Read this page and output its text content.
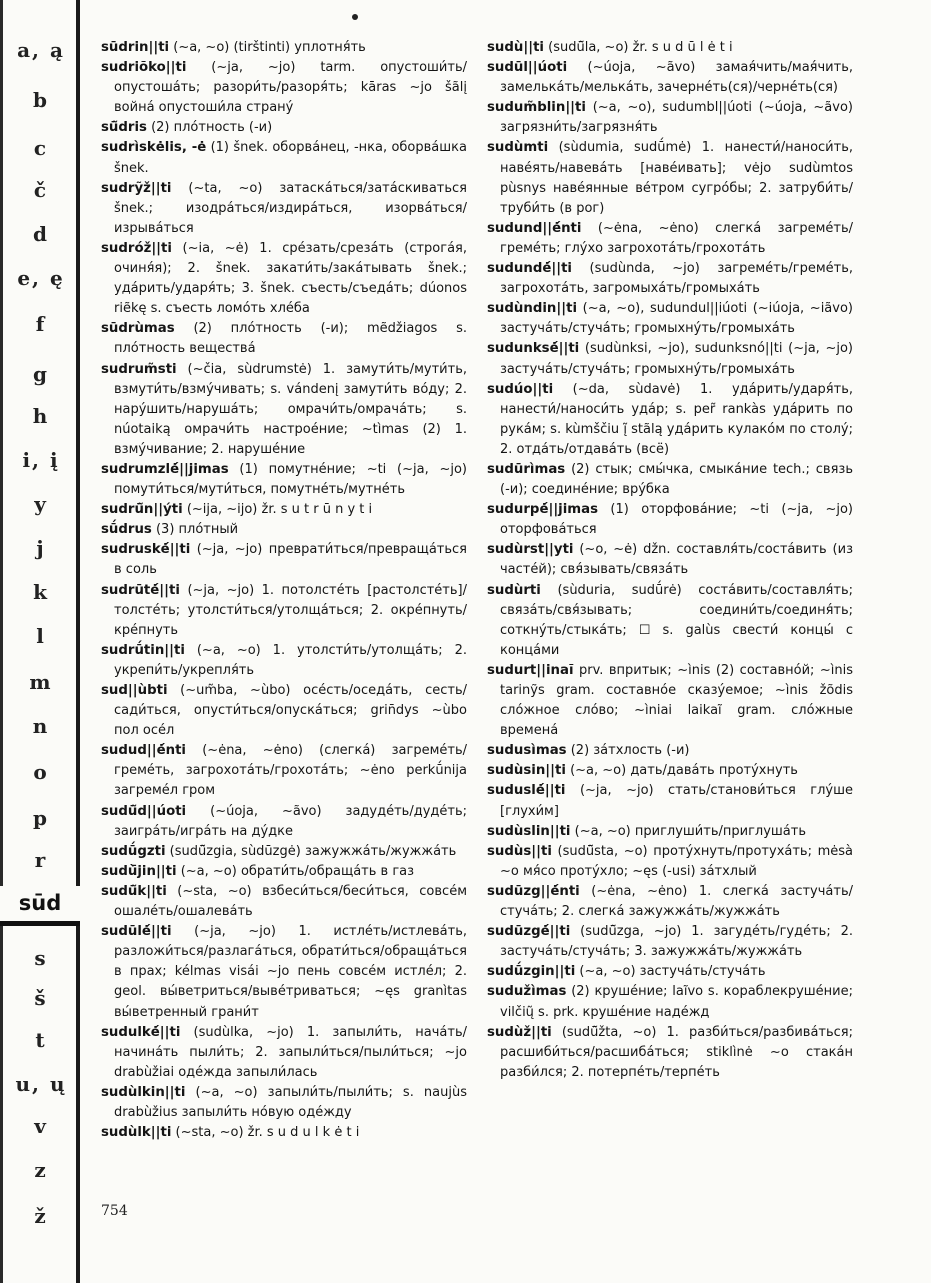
a, ą
b
c
č
d
e, ę
f
g
h
i, į
y
j
k
l
m
n
o
p
r
s
š
t
u, ų
v
z
ž
sūd

sūdrin||ti (~a, ~o) (tirštinti) уплотня́ть

sudriõko||ti (~ja, ~jo) tarm. опустоши́ть/опустоша́ть; разори́ть/разоря́ть; kāras ~jo šãlį войнá опустоши́ла страну́

sū̃dris (2) плóтность (-и)

sudrìskėlis, -ė (1) šnek. оборва́нец, -нка, оборва́шка šnek.

sudrỹž||ti (~ta, ~o) затаска́ться/зата́скиваться šnek.; изодра́ться/издира́ться, изорва́ться/изрыва́ться

sudróž||ti (~ia, ~ė) 1. сре́зать/среза́ть (строга́я, очиня́я); 2. šnek. закати́ть/зака́тывать šnek.; уда́рить/ударя́ть; 3. šnek. съесть/съеда́ть; dúonos riẽkę s. съесть ломо́ть хле́ба

sūdrùmas (2) плóтность (-и); mẽdžiagos s. плóтность вещества́

sudrum̃sti (~čia, sùdrumstė) 1. замути́ть/мути́ть, взмути́ть/взму́чивать; s. vándenį замути́ть во́ду; 2. нару́шить/наруша́ть; омрачи́ть/омрача́ть; s. núotaiką омрачи́ть настрое́ние; ~tìmas (2) 1. взму́чивание; 2. наруше́ние

sudrumzlė́||jimas (1) помутне́ние; ~ti (~ja, ~jo) помути́ться/мути́ться, помутне́ть/мутне́ть

sudrū̃n||ýti (~ija, ~ijo) žr. s u t r ū n y t i

sū́drus (3) плóтный

sudruskė́||ti (~ja, ~jo) преврати́ться/превраща́ться в соль

sudrūtė́||ti (~ja, ~jo) 1. потолсте́ть [растолсте́ть]/толсте́ть; утолсти́ться/утолща́ться; 2. окре́пнуть/кре́пнуть

sudrū́tin||ti (~a, ~o) 1. утолсти́ть/утолща́ть; 2. укрепи́ть/укрепля́ть

sud||ùbti (~um̃ba, ~ùbo) осе́сть/оседа́ть, сесть/сади́ться, опусти́ться/опуска́ться; grin̄dys ~ùbo пол осе́л

sudud||ė́nti (~ėna, ~ėno) (слегка́) загреме́ть/греме́ть, загрохота́ть/грохота́ть; ~ėno perkū́nija загреме́л гром

sudū̃d||úoti (~úoja, ~ãvo) задуде́ть/дуде́ть; заигра́ть/игра́ть на ду́дке

sudū́gzti (sudū̃zgia, sùdūzgė) зажужжа́ть/жужжа́ть

sudù̄jin||ti (~a, ~o) обрати́ть/обраща́ть в газ

sudū̃k||ti (~sta, ~o) взбеси́ться/беси́ться, совсе́м ошале́ть/ошалева́ть

sudūlė́||ti (~ja, ~jo) 1. истле́ть/истлева́ть, разложи́ться/разлага́ться, обрати́ться/обраща́ться в прах; kélmas visái ~jo пень совсе́м истле́л; 2. geol. вы́ветриться/вывéтриваться; ~ęs granìtas вы́ветренный грани́т

sudulkė́||ti (sudùlka, ~jo) 1. запыли́ть, нача́ть/начина́ть пыли́ть; 2. запыли́ться/пыли́ться; ~jo drabùžiai оде́жда запыли́лась

sudùlkin||ti (~a, ~o) запыли́ть/пыли́ть; s. naujùs drabùžius запыли́ть но́вую оде́жду

sudùlk||ti (~sta, ~o) žr. s u d u l k ė t i

sudù||ti (sudū̃la, ~o) žr. s u d ū l ė t i

sudūl||úoti (~úoja, ~ãvo) замая́чить/мая́чить, замелька́ть/мелька́ть, зачерне́ть(ся)/черне́ть(ся)

sudum̃blin||ti (~a, ~o), sudumbl||úoti (~úoja, ~ãvo) загрязни́ть/загрязня́ть

sudùmti (sùdumia, sudū́mė) 1. нанести́/наноси́ть, навéять/навева́ть [навéивать]; vėjo sudùmtos pùsnys навéянные ве́тром сугро́бы; 2. затруби́ть/труби́ть (в рог)

sudund||ė́nti (~ėna, ~ėno) слегка́ загреме́ть/греме́ть; глу́хо загрохота́ть/грохота́ть

sudundė́||ti (sudùnda, ~jo) загреме́ть/греме́ть, загрохота́ть, загромыха́ть/громыха́ть

sudùndin||ti (~a, ~o), sudundul||iúoti (~iúoja, ~iãvo) застуча́ть/стуча́ть; громыхну́ть/громыха́ть

sudunksė́||ti (sudùnksi, ~jo), sudunksnó||ti (~ja, ~jo) застуча́ть/стуча́ть; громыхну́ть/громыха́ть

sudúo||ti (~da, sùdavė) 1. уда́рить/ударя́ть, нанести́/наноси́ть уда́р; s. per̃ rankàs уда́рить по рука́м; s. kùmščiu į̃ stãlą уда́рить кулако́м по столу́; 2. отда́ть/отдава́ть (всё)

sudūrìmas (2) стык; смы́чка, смыка́ние tech.; связь (-и); соедине́ние; вру́бка

sudurpė́||jimas (1) оторфова́ние; ~ti (~ja, ~jo) оторфова́ться

sudùrst||yti (~o, ~ė) džn. составля́ть/соста́вить (из часте́й); свя́зывать/связа́ть

sudùrti (sùduria, sudū́rė) соста́вить/составля́ть; связа́ть/свя́зывать; соедини́ть/соединя́ть; соткну́ть/стыка́ть; ☐ s. galùs свести́ концы́ с конца́ми

sudurt||inaĩ prv. впритык; ~ìnis (2) составно́й; ~ìnis tarinỹs gram. составно́е сказу́емое; ~ìnis žõdis сло́жное сло́во; ~ìniai laikaĩ gram. сло́жные времена́

sudusìmas (2) за́тхлость (-и)

sudùsin||ti (~a, ~o) дать/дава́ть проту́хнуть

suduslė́||ti (~ja, ~jo) стать/станови́ться глу́ше [глухи́м]

sudùslin||ti (~a, ~o) приглуши́ть/приглуша́ть

sudùs||ti (sudū̃sta, ~o) проту́хнуть/протуха́ть; mėsà ~o мя́со проту́хло; ~ęs (-usi) за́тхлый

sudūzg||ė́nti (~ėna, ~ėno) 1. слегка́ застуча́ть/стуча́ть; 2. слегка́ зажужжа́ть/жужжа́ть

sudūzgė́||ti (sudū̃zga, ~jo) 1. загуде́ть/гуде́ть; 2. застуча́ть/стуча́ть; 3. зажужжа́ть/жужжа́ть

sudū́zgin||ti (~a, ~o) застуча́ть/стуча́ть

sudužìmas (2) круше́ние; laĩvo s. кораблекруше́ние; vilčių̃ s. prk. круше́ние наде́жд

sudùž||ti (sudū̃žta, ~o) 1. разби́ться/разбива́ться; расшиби́ться/расшиба́ться; stiklìnė ~o стака́н разби́лся; 2. потерпе́ть/терпе́ть

754
